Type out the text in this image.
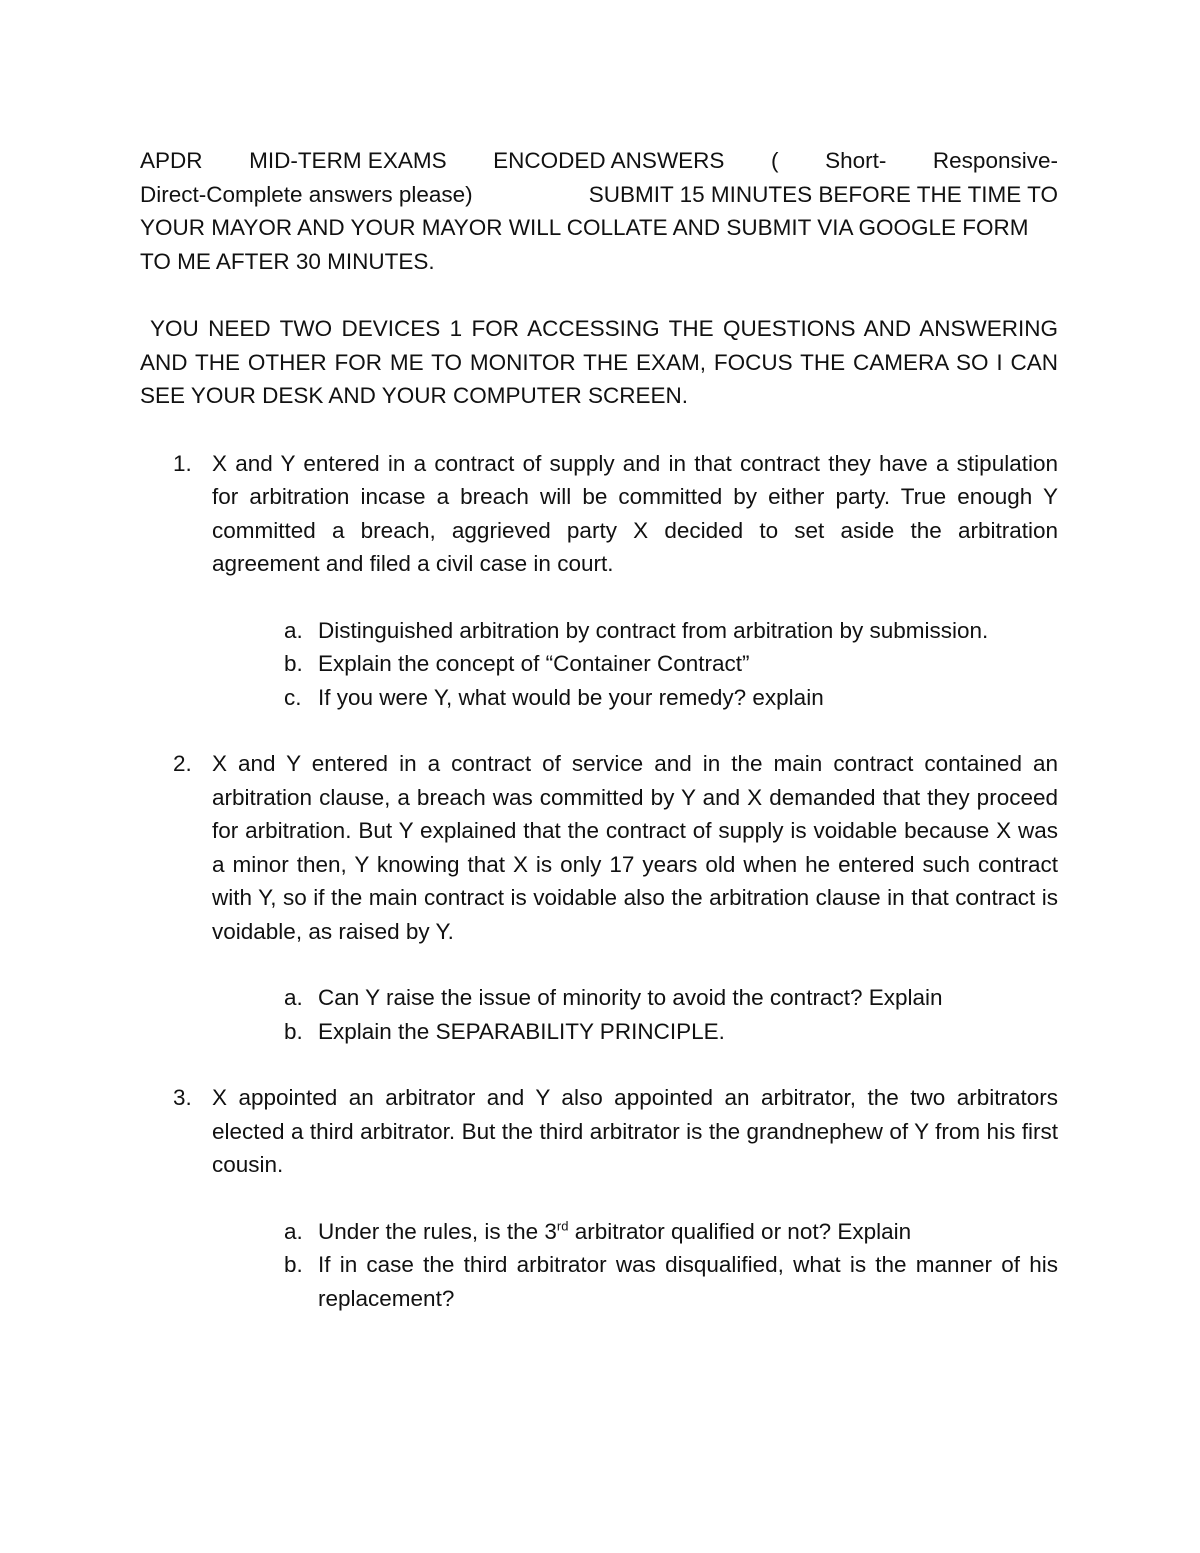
APDR MID-TERM EXAMS ENCODED ANSWERS ( Short- Responsive-
Direct-Complete answers please)	SUBMIT 15 MINUTES BEFORE THE TIME TO
YOUR MAYOR AND YOUR MAYOR WILL COLLATE AND SUBMIT VIA GOOGLE FORM
TO ME AFTER 30 MINUTES.

YOU NEED TWO DEVICES 1 FOR ACCESSING THE QUESTIONS AND ANSWERING AND THE OTHER FOR ME TO MONITOR THE EXAM, FOCUS THE CAMERA SO I CAN SEE YOUR DESK AND YOUR COMPUTER SCREEN.

1. X and Y entered in a contract of supply and in that contract they have a stipulation for arbitration incase a breach will be committed by either party. True enough Y committed a breach, aggrieved party X decided to set aside the arbitration agreement and filed a civil case in court.
a. Distinguished arbitration by contract from arbitration by submission.
b. Explain the concept of “Container Contract”
c. If you were Y, what would be your remedy? explain
2. X and Y entered in a contract of service and in the main contract contained an arbitration clause, a breach was committed by Y and X demanded that they proceed for arbitration. But Y explained that the contract of supply is voidable because X was a minor then, Y knowing that X is only 17 years old when he entered such contract with Y, so if the main contract is voidable also the arbitration clause in that contract is voidable, as raised by Y.
a. Can Y raise the issue of minority to avoid the contract? Explain
b. Explain the SEPARABILITY PRINCIPLE.
3. X appointed an arbitrator and Y also appointed an arbitrator, the two arbitrators elected a third arbitrator. But the third arbitrator is the grandnephew of Y from his first cousin.
a. Under the rules, is the 3rd arbitrator qualified or not? Explain
b. If in case the third arbitrator was disqualified, what is the manner of his replacement?
